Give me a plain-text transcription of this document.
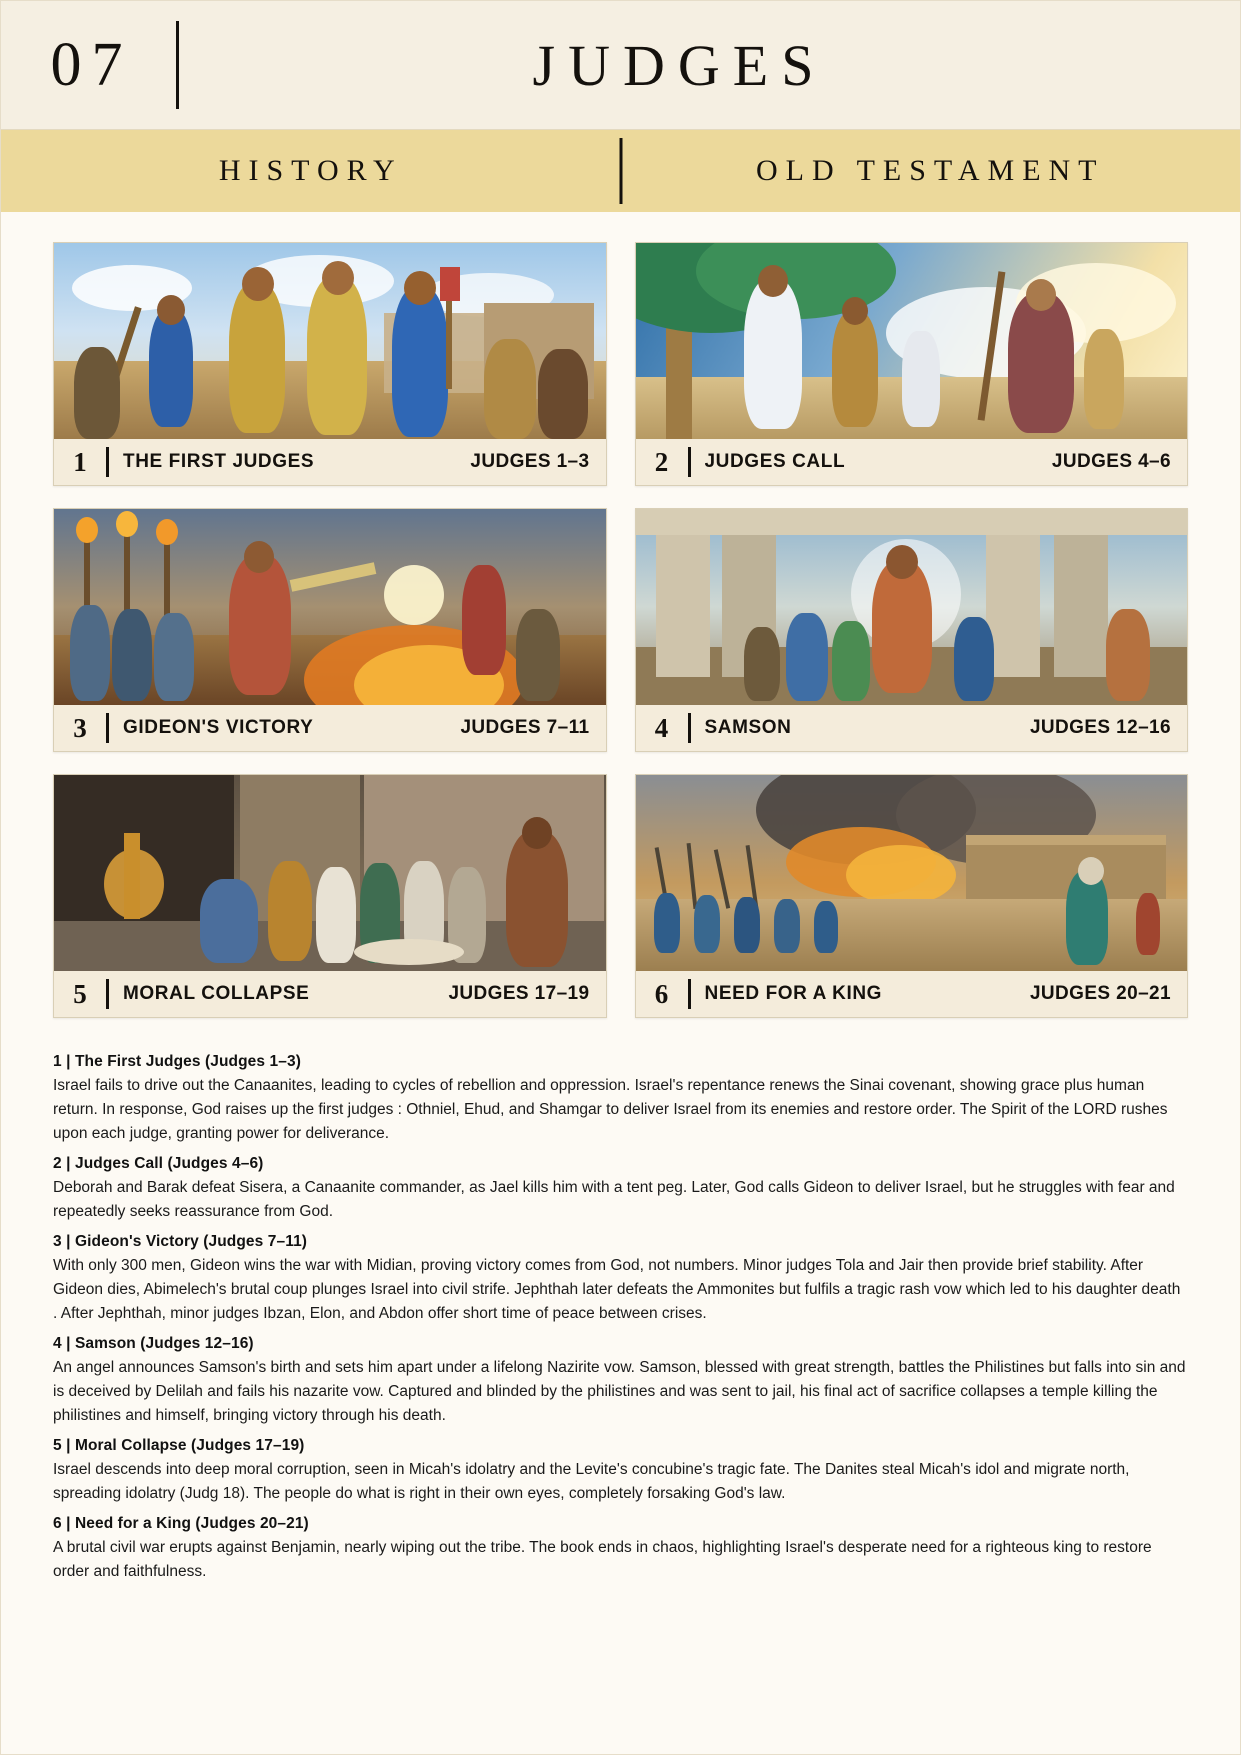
07	JUDGES
HISTORY	OLD TESTAMENT
1	THE FIRST JUDGES	JUDGES 1–3	2	JUDGES CALL	JUDGES 4–6
3	GIDEON'S VICTORY	JUDGES 7–11	4	SAMSON	JUDGES 12–16
5	MORAL COLLAPSE	JUDGES 17–19	6	NEED FOR A KING	JUDGES 20–21
1 | The First Judges (Judges 1–3)
Israel fails to drive out the Canaanites, leading to cycles of rebellion and oppression. Israel's repentance renews the Sinai covenant, showing grace plus human return. In response, God raises up the first judges : Othniel, Ehud, and Shamgar to deliver Israel from its enemies and restore order. The Spirit of the LORD rushes upon each judge, granting power for deliverance.
2 | Judges Call (Judges 4–6)
Deborah and Barak defeat Sisera, a Canaanite commander, as Jael kills him with a tent peg. Later, God calls Gideon to deliver Israel, but he struggles with fear and repeatedly seeks reassurance from God.
3 | Gideon's Victory (Judges 7–11)
With only 300 men, Gideon wins the war with Midian, proving victory comes from God, not numbers. Minor judges Tola and Jair then provide brief stability. After Gideon dies, Abimelech's brutal coup plunges Israel into civil strife. Jephthah later defeats the Ammonites but fulfils a tragic rash vow which led to his daughter death . After Jephthah, minor judges Ibzan, Elon, and Abdon offer short time of peace between crises.
4 | Samson (Judges 12–16)
An angel announces Samson's birth and sets him apart under a lifelong Nazirite vow. Samson, blessed with great strength, battles the Philistines but falls into sin and is deceived by Delilah and fails his nazarite vow. Captured and blinded by the philistines and was sent to jail, his final act of sacrifice collapses a temple killing the philistines and himself, bringing victory through his death.
5 | Moral Collapse (Judges 17–19)
Israel descends into deep moral corruption, seen in Micah's idolatry and the Levite's concubine's tragic fate. The Danites steal Micah's idol and migrate north, spreading idolatry (Judg 18). The people do what is right in their own eyes, completely forsaking God's law.
6 | Need for a King (Judges 20–21)
A brutal civil war erupts against Benjamin, nearly wiping out the tribe. The book ends in chaos, highlighting Israel's desperate need for a righteous king to restore order and faithfulness.
